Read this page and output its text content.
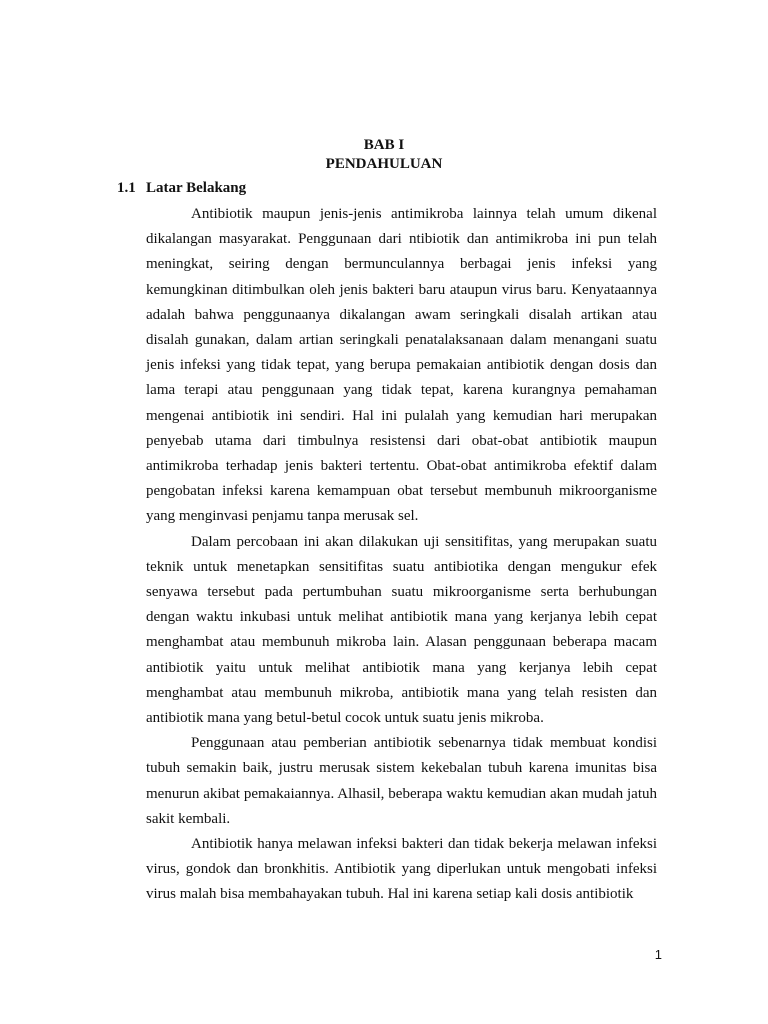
BAB I
PENDAHULUAN
1.1 Latar Belakang

Antibiotik maupun jenis-jenis antimikroba lainnya telah umum dikenal dikalangan masyarakat. Penggunaan dari ntibiotik dan antimikroba ini pun telah meningkat, seiring dengan bermunculannya berbagai jenis infeksi yang kemungkinan ditimbulkan oleh jenis bakteri baru ataupun virus baru. Kenyataannya adalah bahwa penggunaanya dikalangan awam seringkali disalah artikan atau disalah gunakan, dalam artian seringkali penatalaksanaan dalam menangani suatu jenis infeksi yang tidak tepat, yang berupa pemakaian antibiotik dengan dosis dan lama terapi atau penggunaan yang tidak tepat, karena kurangnya pemahaman mengenai antibiotik ini sendiri. Hal ini pulalah yang kemudian hari merupakan penyebab utama dari timbulnya resistensi dari obat-obat antibiotik maupun antimikroba terhadap jenis bakteri tertentu. Obat-obat antimikroba efektif dalam pengobatan infeksi karena kemampuan obat tersebut membunuh mikroorganisme yang menginvasi penjamu tanpa merusak sel.

Dalam percobaan ini akan dilakukan uji sensitifitas, yang merupakan suatu teknik untuk menetapkan sensitifitas suatu antibiotika dengan mengukur efek senyawa tersebut pada pertumbuhan suatu mikroorganisme serta berhubungan dengan waktu inkubasi untuk melihat antibiotik mana yang kerjanya lebih cepat menghambat atau membunuh mikroba lain. Alasan penggunaan beberapa macam antibiotik yaitu untuk melihat antibiotik mana yang kerjanya lebih cepat menghambat atau membunuh mikroba, antibiotik mana yang telah resisten dan antibiotik mana yang betul-betul cocok untuk suatu jenis mikroba.

Penggunaan atau pemberian antibiotik sebenarnya tidak membuat kondisi tubuh semakin baik, justru merusak sistem kekebalan tubuh karena imunitas bisa menurun akibat pemakaiannya. Alhasil, beberapa waktu kemudian akan mudah jatuh sakit kembali.

Antibiotik hanya melawan infeksi bakteri dan tidak bekerja melawan infeksi virus, gondok dan bronkhitis. Antibiotik yang diperlukan untuk mengobati infeksi virus malah bisa membahayakan tubuh. Hal ini karena setiap kali dosis antibiotik

1
